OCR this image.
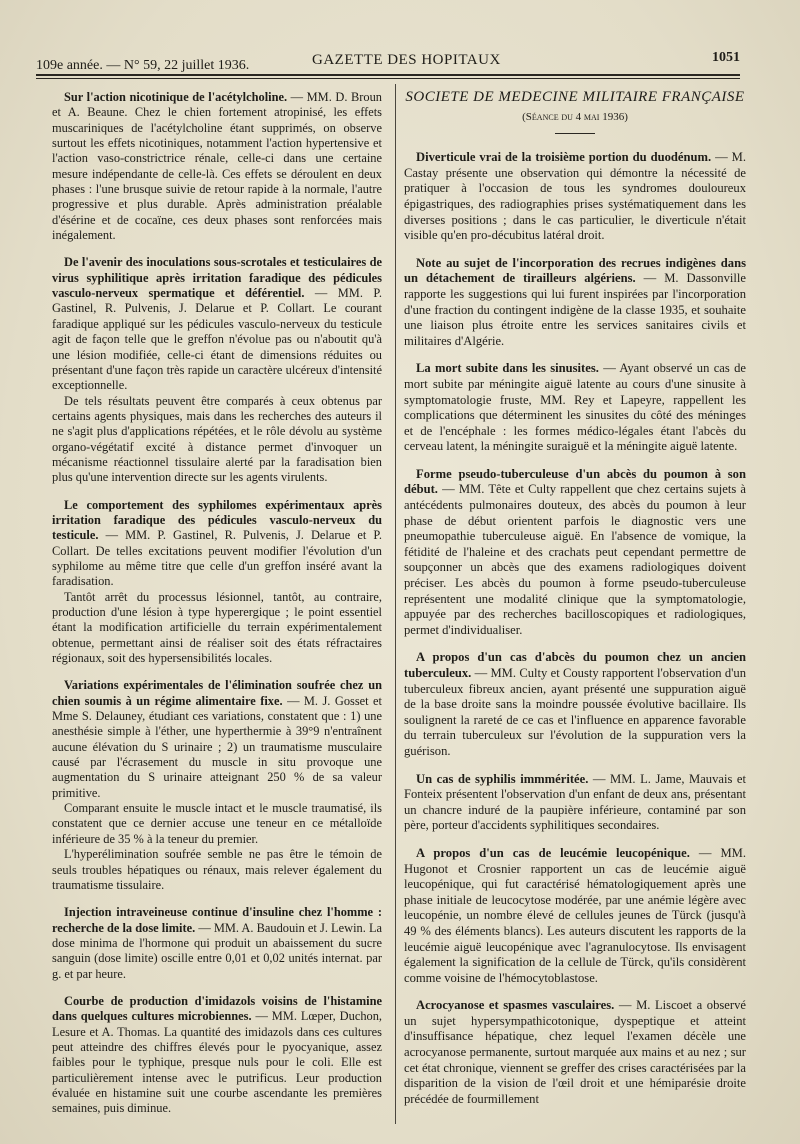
109e année. — N° 59, 22 juillet 1936.	GAZETTE DES HOPITAUX	1051

Sur l'action nicotinique de l'acétylcholine. — MM. D. Broun et A. Beaune. Chez le chien fortement atropinisé, les effets muscariniques de l'acétylcholine étant supprimés, on observe surtout les effets nicotiniques, notamment l'action hypertensive et l'action vaso-constrictrice rénale, celle-ci dans une certaine mesure indépendante de celle-là. Ces effets se déroulent en deux phases : l'une brusque suivie de retour rapide à la normale, l'autre progressive et plus durable. Après administration préalable d'ésérine et de cocaïne, ces deux phases sont renforcées mais inégalement.

De l'avenir des inoculations sous-scrotales et testiculaires de virus syphilitique après irritation faradique des pédicules vasculo-nerveux spermatique et déférentiel. — MM. P. Gastinel, R. Pulvenis, J. Delarue et P. Collart. Le courant faradique appliqué sur les pédicules vasculo-nerveux du testicule agit de façon telle que le greffon n'évolue pas ou n'aboutit qu'à une lésion modifiée, celle-ci étant de dimensions réduites ou présentant d'une façon très rapide un caractère ulcéreux d'intensité exceptionnelle.

De tels résultats peuvent être comparés à ceux obtenus par certains agents physiques, mais dans les recherches des auteurs il ne s'agit plus d'applications répétées, et le rôle dévolu au système organo-végétatif excité à distance permet d'invoquer un mécanisme réactionnel tissulaire alerté par la faradisation bien plus qu'une intervention directe sur les agents virulents.

Le comportement des syphilomes expérimentaux après irritation faradique des pédicules vasculo-nerveux du testicule. — MM. P. Gastinel, R. Pulvenis, J. Delarue et P. Collart. De telles excitations peuvent modifier l'évolution d'un syphilome au même titre que celle d'un greffon inséré avant la faradisation.

Tantôt arrêt du processus lésionnel, tantôt, au contraire, production d'une lésion à type hyperergique ; le point essentiel étant la modification artificielle du terrain expérimentalement obtenue, permettant ainsi de réaliser soit des états réfractaires régionaux, soit des hypersensibilités locales.

Variations expérimentales de l'élimination soufrée chez un chien soumis à un régime alimentaire fixe. — M. J. Gosset et Mme S. Delauney, étudiant ces variations, constatent que : 1) une anesthésie simple à l'éther, une hyperthermie à 39°9 n'entraînent aucune élévation du S urinaire ; 2) un traumatisme musculaire causé par l'écrasement du muscle in situ provoque une augmentation du S urinaire atteignant 250 % de sa valeur primitive.

Comparant ensuite le muscle intact et le muscle traumatisé, ils constatent que ce dernier accuse une teneur en ce métalloïde inférieure de 35 % à la teneur du premier.

L'hyperélimination soufrée semble ne pas être le témoin de seuls troubles hépatiques ou rénaux, mais relever également du traumatisme tissulaire.

Injection intraveineuse continue d'insuline chez l'homme : recherche de la dose limite. — MM. A. Baudouin et J. Lewin. La dose minima de l'hormone qui produit un abaissement du sucre sanguin (dose limite) oscille entre 0,01 et 0,02 unités internat. par g. et par heure.

Courbe de production d'imidazols voisins de l'histamine dans quelques cultures microbiennes. — MM. Lœper, Duchon, Lesure et A. Thomas. La quantité des imidazols dans ces cultures peut atteindre des chiffres élevés pour le pyocyanique, assez faibles pour le typhique, presque nuls pour le coli. Elle est particulièrement intense avec le putrificus. Leur production évaluée en histamine suit une courbe ascendante les premières semaines, puis diminue.

SOCIETE DE MEDECINE MILITAIRE FRANÇAISE
(Séance du 4 mai 1936)

Diverticule vrai de la troisième portion du duodénum. — M. Castay présente une observation qui démontre la nécessité de pratiquer à l'occasion de tous les syndromes douloureux épigastriques, des radiographies prises systématiquement dans les diverses positions ; dans le cas particulier, le diverticule n'était visible qu'en pro-décubitus latéral droit.

Note au sujet de l'incorporation des recrues indigènes dans un détachement de tirailleurs algériens. — M. Dassonville rapporte les suggestions qui lui furent inspirées par l'incorporation d'une fraction du contingent indigène de la classe 1935, et souhaite une liaison plus étroite entre les services sanitaires civils et militaires d'Algérie.

La mort subite dans les sinusites. — Ayant observé un cas de mort subite par méningite aiguë latente au cours d'une sinusite à symptomatologie fruste, MM. Rey et Lapeyre, rappellent les complications que déterminent les sinusites du côté des méninges et de l'encéphale : les formes médico-légales étant l'abcès du cerveau latent, la méningite suraiguë et la méningite aiguë latente.

Forme pseudo-tuberculeuse d'un abcès du poumon à son début. — MM. Tête et Culty rappellent que chez certains sujets à antécédents pulmonaires douteux, des abcès du poumon à leur phase de début orientent parfois le diagnostic vers une pneumopathie tuberculeuse aiguë. En l'absence de vomique, la fétidité de l'haleine et des crachats peut cependant permettre de soupçonner un abcès que des examens radiologiques doivent préciser. Les abcès du poumon à forme pseudo-tuberculeuse représentent une modalité clinique que la symptomatologie, appuyée par des recherches bacilloscopiques et radiologiques, permet d'individualiser.

A propos d'un cas d'abcès du poumon chez un ancien tuberculeux. — MM. Culty et Cousty rapportent l'observation d'un tuberculeux fibreux ancien, ayant présenté une suppuration aiguë de la base droite sans la moindre poussée évolutive bacillaire. Ils soulignent la rareté de ce cas et l'influence en apparence favorable du terrain tuberculeux sur l'évolution de la suppuration vers la guérison.

Un cas de syphilis immméritée. — MM. L. Jame, Mauvais et Fonteix présentent l'observation d'un enfant de deux ans, présentant un chancre induré de la paupière inférieure, contaminé par son père, porteur d'accidents syphilitiques secondaires.

A propos d'un cas de leucémie leucopénique. — MM. Hugonot et Crosnier rapportent un cas de leucémie aiguë leucopénique, qui fut caractérisé hématologiquement après une phase initiale de leucocytose modérée, par une anémie légère avec leucopénie, un nombre élevé de cellules jeunes de Türck (jusqu'à 49 % des éléments blancs). Les auteurs discutent les rapports de la leucémie aiguë leucopénique avec l'agranulocytose. Ils envisagent également la signification de la cellule de Türck, qu'ils considèrent comme voisine de l'hémocytoblastose.

Acrocyanose et spasmes vasculaires. — M. Liscoet a observé un sujet hypersympathicotonique, dyspeptique et atteint d'insuffisance hépatique, chez lequel l'examen décèle une acrocyanose permanente, surtout marquée aux mains et au nez ; sur cet état chronique, viennent se greffer des crises caractérisées par la disparition de la vision de l'œil droit et une hémiparésie droite précédée de fourmillement
